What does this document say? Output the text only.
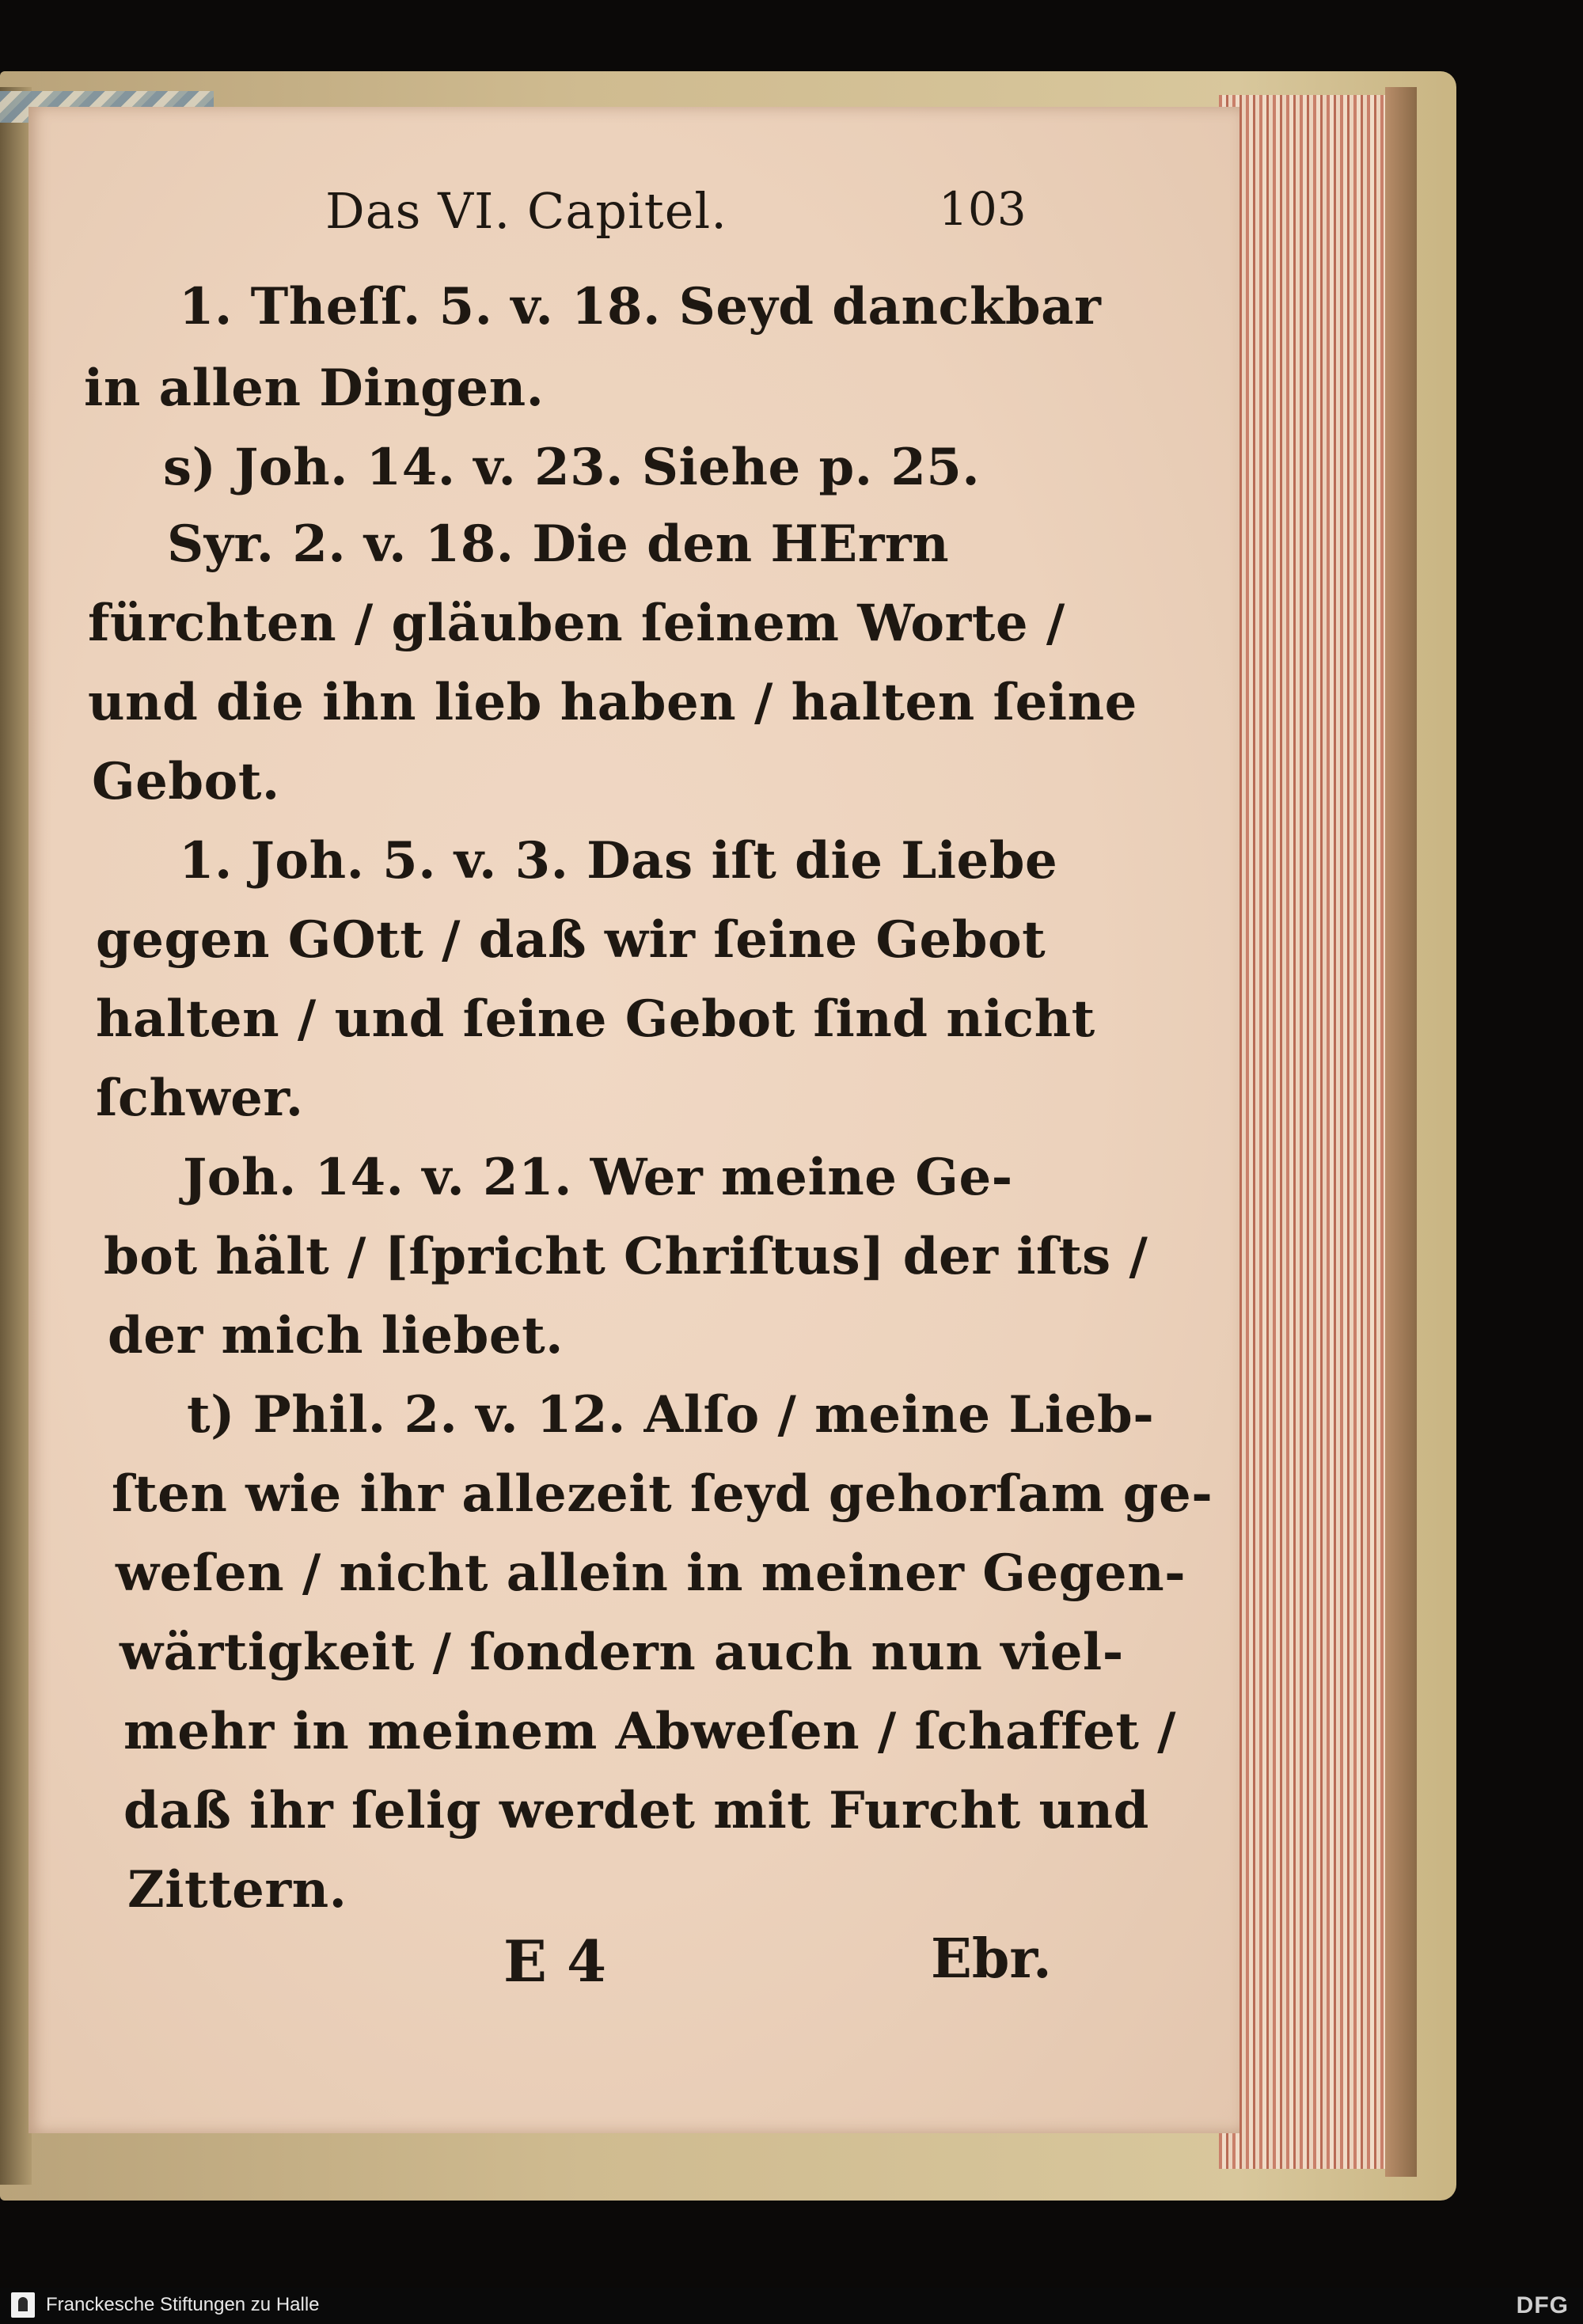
Das VI. Capitel.	103
1. Theſſ. 5. v. 18. Seyd danckbar
in allen Dingen.
s) Joh. 14. v. 23. Siehe p. 25.
Syr. 2. v. 18. Die den HErrn
fürchten / gläuben ſeinem Worte /
und die ihn lieb haben / halten ſeine
Gebot.
1. Joh. 5. v. 3. Das iſt die Liebe
gegen GOtt / daß wir ſeine Gebot
halten / und ſeine Gebot ſind nicht
ſchwer.
Joh. 14. v. 21. Wer meine Ge-
bot hält / [ſpricht Chriſtus] der iſts /
der mich liebet.
t) Phil. 2. v. 12. Alſo / meine Lieb-
ſten wie ihr allezeit ſeyd gehorſam ge-
weſen / nicht allein in meiner Gegen-
wärtigkeit / ſondern auch nun viel-
mehr in meinem Abweſen / ſchaffet /
daß ihr ſelig werdet mit Furcht und
Zittern.
E 4	Ebr.
Franckesche Stiftungen zu Halle	DFG
